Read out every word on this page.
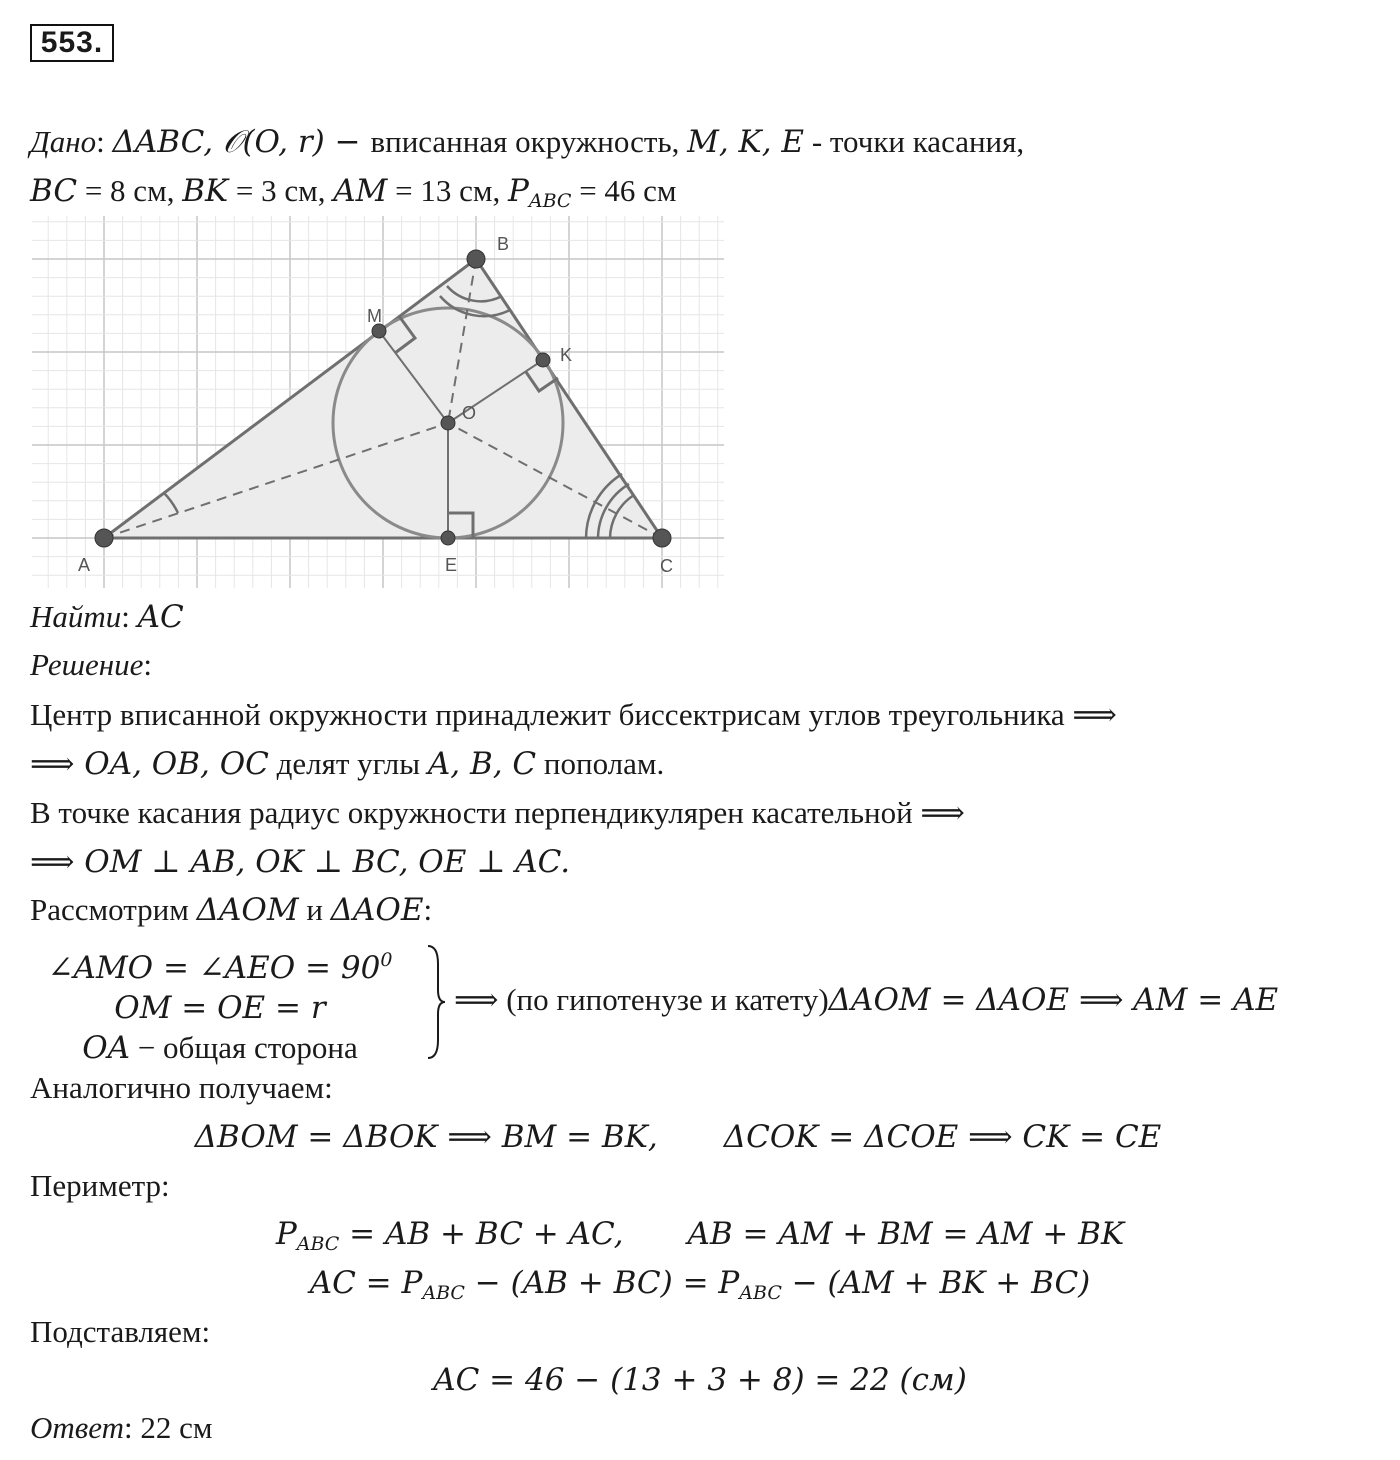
553.
Дано: ΔABC, 𝒪(O, r) − вписанная окружность, M, K, E - точки касания,
BC = 8 см, BK = 3 см, AM = 13 см, $P_{ABC} = 46$ см
A
B
C
M
K
E
O
Найти: AC
Решение:
Центр вписанной окружности принадлежит биссектрисам углов треугольника ⟹
⟹ OA, OB, OC делят углы A, B, C пополам.
В точке касания радиус окружности перпендикулярен касательной ⟹
⟹ OM ⊥ AB, OK ⊥ BC, OE ⊥ AC.
Рассмотрим ΔAOM и ΔAOE:
∠AMO = ∠AEO = $90^0$
OM = OE = r
OA − общая сторона
⟹ (по гипотенузе и катету)ΔAOM = ΔAOE ⟹ AM = AE
Аналогично получаем:
ΔBOM = ΔBOK ⟹ BM = BK, ΔCOK = ΔCOE ⟹ CK = CE
Периметр:
$P_{ABC}$ = AB + BC + AC, AB = AM + BM = AM + BK
AC = $P_{ABC} - (AB + BC) = P_{ABC} - (AM$ + BK + BC)
Подставляем:
AC = 46 − (13 + 3 + 8) = 22 (см)
Ответ: 22 см
